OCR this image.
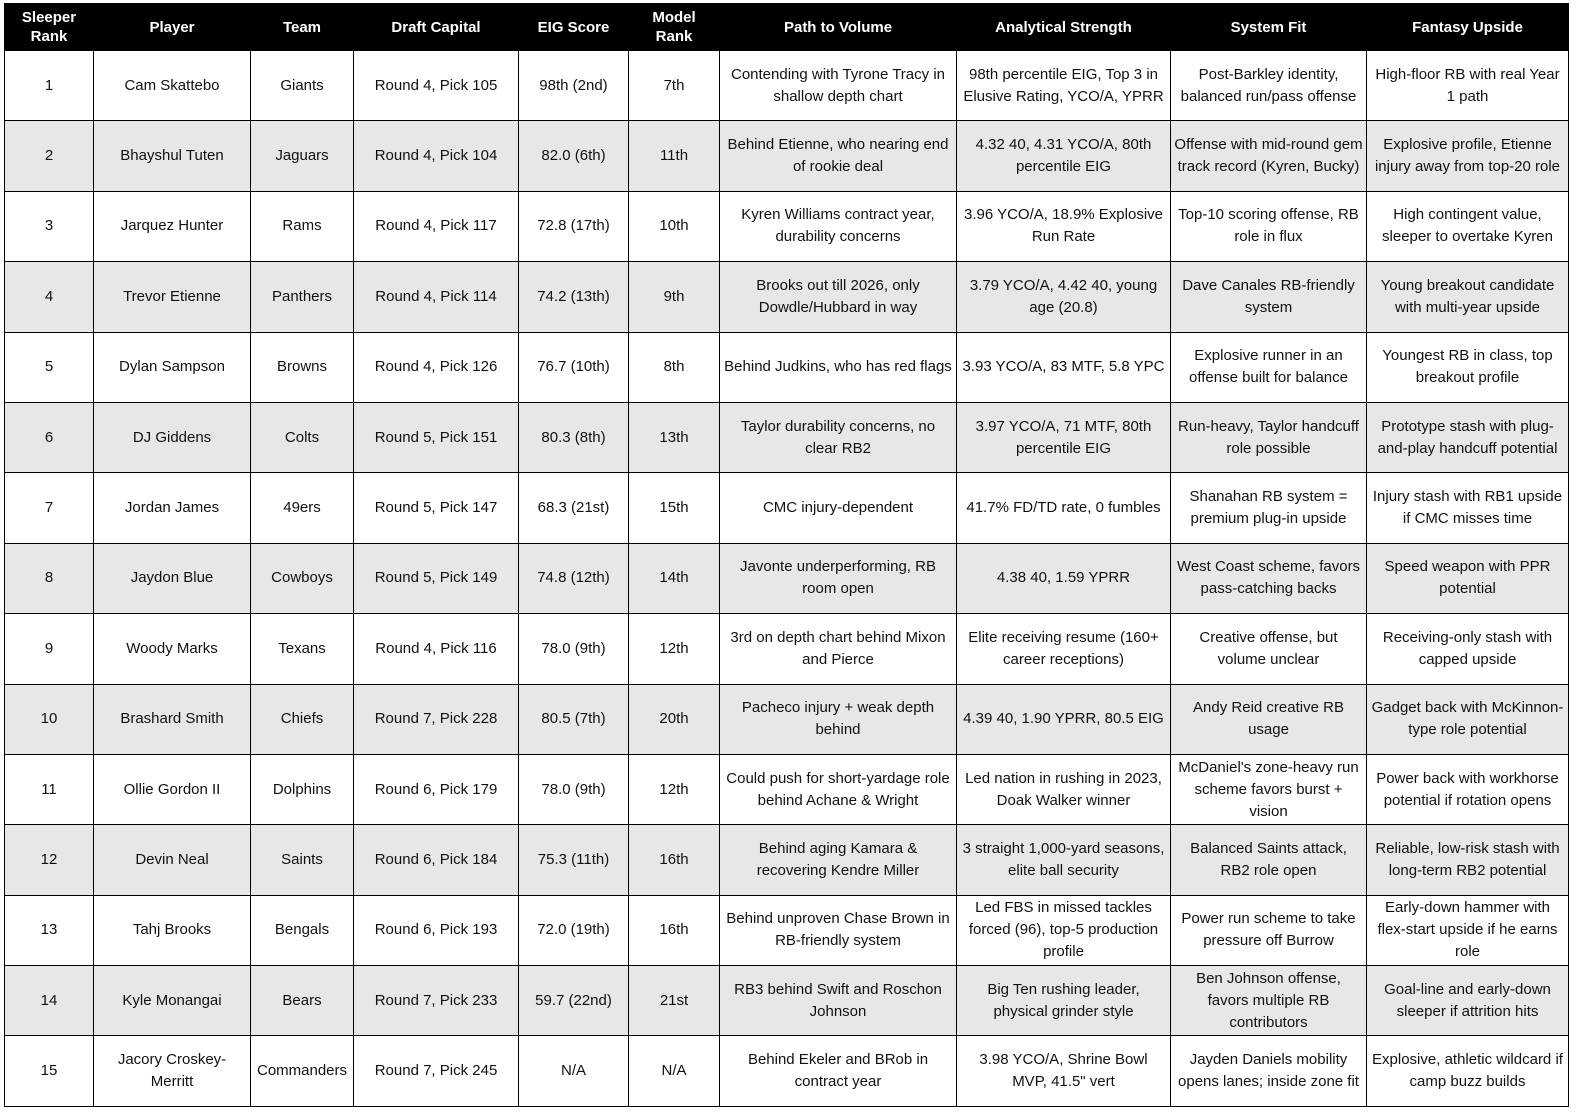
Sleeper Rank	Player	Team	Draft Capital	EIG Score	Model Rank	Path to Volume	Analytical Strength	System Fit	Fantasy Upside
1	Cam Skattebo	Giants	Round 4, Pick 105	98th (2nd)	7th	Contending with Tyrone Tracy in shallow depth chart	98th percentile EIG, Top 3 in Elusive Rating, YCO/A, YPRR	Post-Barkley identity, balanced run/pass offense	High-floor RB with real Year 1 path
2	Bhayshul Tuten	Jaguars	Round 4, Pick 104	82.0 (6th)	11th	Behind Etienne, who nearing end of rookie deal	4.32 40, 4.31 YCO/A, 80th percentile EIG	Offense with mid-round gem track record (Kyren, Bucky)	Explosive profile, Etienne injury away from top-20 role
3	Jarquez Hunter	Rams	Round 4, Pick 117	72.8 (17th)	10th	Kyren Williams contract year, durability concerns	3.96 YCO/A, 18.9% Explosive Run Rate	Top-10 scoring offense, RB role in flux	High contingent value, sleeper to overtake Kyren
4	Trevor Etienne	Panthers	Round 4, Pick 114	74.2 (13th)	9th	Brooks out till 2026, only Dowdle/Hubbard in way	3.79 YCO/A, 4.42 40, young age (20.8)	Dave Canales RB-friendly system	Young breakout candidate with multi-year upside
5	Dylan Sampson	Browns	Round 4, Pick 126	76.7 (10th)	8th	Behind Judkins, who has red flags	3.93 YCO/A, 83 MTF, 5.8 YPC	Explosive runner in an offense built for balance	Youngest RB in class, top breakout profile
6	DJ Giddens	Colts	Round 5, Pick 151	80.3 (8th)	13th	Taylor durability concerns, no clear RB2	3.97 YCO/A, 71 MTF, 80th percentile EIG	Run-heavy, Taylor handcuff role possible	Prototype stash with plug-and-play handcuff potential
7	Jordan James	49ers	Round 5, Pick 147	68.3 (21st)	15th	CMC injury-dependent	41.7% FD/TD rate, 0 fumbles	Shanahan RB system = premium plug-in upside	Injury stash with RB1 upside if CMC misses time
8	Jaydon Blue	Cowboys	Round 5, Pick 149	74.8 (12th)	14th	Javonte underperforming, RB room open	4.38 40, 1.59 YPRR	West Coast scheme, favors pass-catching backs	Speed weapon with PPR potential
9	Woody Marks	Texans	Round 4, Pick 116	78.0 (9th)	12th	3rd on depth chart behind Mixon and Pierce	Elite receiving resume (160+ career receptions)	Creative offense, but volume unclear	Receiving-only stash with capped upside
10	Brashard Smith	Chiefs	Round 7, Pick 228	80.5 (7th)	20th	Pacheco injury + weak depth behind	4.39 40, 1.90 YPRR, 80.5 EIG	Andy Reid creative RB usage	Gadget back with McKinnon-type role potential
11	Ollie Gordon II	Dolphins	Round 6, Pick 179	78.0 (9th)	12th	Could push for short-yardage role behind Achane & Wright	Led nation in rushing in 2023, Doak Walker winner	McDaniel's zone-heavy run scheme favors burst + vision	Power back with workhorse potential if rotation opens
12	Devin Neal	Saints	Round 6, Pick 184	75.3 (11th)	16th	Behind aging Kamara & recovering Kendre Miller	3 straight 1,000-yard seasons, elite ball security	Balanced Saints attack, RB2 role open	Reliable, low-risk stash with long-term RB2 potential
13	Tahj Brooks	Bengals	Round 6, Pick 193	72.0 (19th)	16th	Behind unproven Chase Brown in RB-friendly system	Led FBS in missed tackles forced (96), top-5 production profile	Power run scheme to take pressure off Burrow	Early-down hammer with flex-start upside if he earns role
14	Kyle Monangai	Bears	Round 7, Pick 233	59.7 (22nd)	21st	RB3 behind Swift and Roschon Johnson	Big Ten rushing leader, physical grinder style	Ben Johnson offense, favors multiple RB contributors	Goal-line and early-down sleeper if attrition hits
15	Jacory Croskey-Merritt	Commanders	Round 7, Pick 245	N/A	N/A	Behind Ekeler and BRob in contract year	3.98 YCO/A, Shrine Bowl MVP, 41.5" vert	Jayden Daniels mobility opens lanes; inside zone fit	Explosive, athletic wildcard if camp buzz builds
